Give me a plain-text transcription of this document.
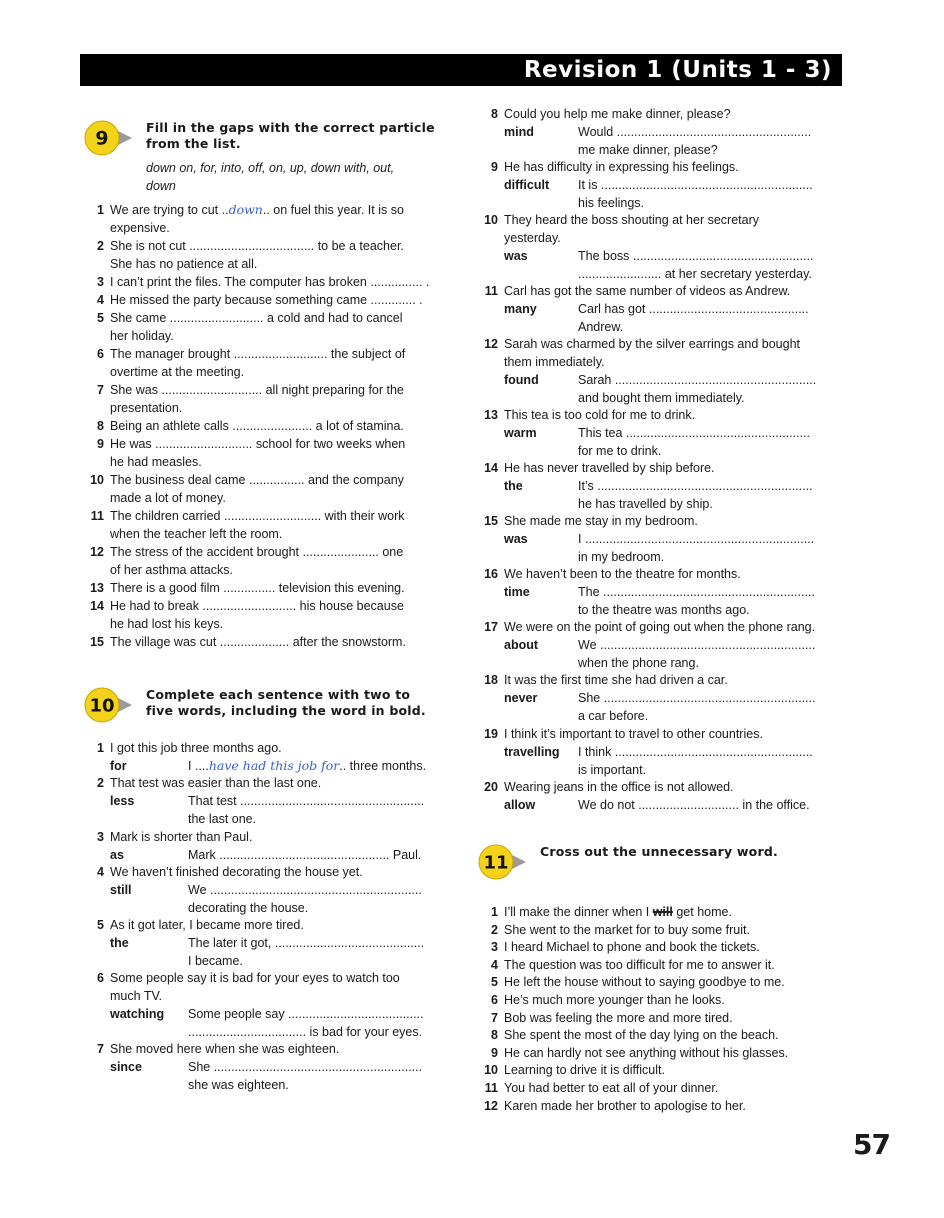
Revision 1 (Units 1 - 3)
9	Fill in the gaps with the correct particle
from the list.
down on, for, into, off, on, up, down with, out,
down
1 We are trying to cut ..down.. on fuel this year. It is so
expensive.
2 She is not cut .................................... to be a teacher.
She has no patience at all.
3 I can’t print the files. The computer has broken ............... .
4 He missed the party because something came ............. .
5 She came ........................... a cold and had to cancel
her holiday.
6 The manager brought ........................... the subject of
overtime at the meeting.
7 She was ............................. all night preparing for the
presentation.
8 Being an athlete calls ....................... a lot of stamina.
9 He was ............................ school for two weeks when
he had measles.
10 The business deal came ................ and the company
made a lot of money.
11 The children carried ............................ with their work
when the teacher left the room.
12 The stress of the accident brought ...................... one
of her asthma attacks.
13 There is a good film ............... television this evening.
14 He had to break ........................... his house because
he had lost his keys.
15 The village was cut .................... after the snowstorm.
10
Complete each sentence with two to
five words, including the word in bold.
1 I got this job three months ago.
for	I ....have had this job for.. three months.
2 That test was easier than the last one.
less	That test .....................................................
the last one.
3 Mark is shorter than Paul.
as	Mark ................................................. Paul.
4 We haven’t finished decorating the house yet.
still	We .............................................................
decorating the house.
5 As it got later, I became more tired.
the	The later it got, ...........................................
I became.
6 Some people say it is bad for your eyes to watch too
much TV.
watching Some people say .......................................
.................................. is bad for your eyes.
7 She moved here when she was eighteen.
since	She ............................................................
she was eighteen.
8 Could you help me make dinner, please?
mind	Would ........................................................
me make dinner, please?
9 He has difficulty in expressing his feelings.
difficult It is .............................................................
his feelings.
10 They heard the boss shouting at her secretary
yesterday.
was	The boss ....................................................
........................ at her secretary yesterday.
11 Carl has got the same number of videos as Andrew.
many	Carl has got ..............................................
Andrew.
12 Sarah was charmed by the silver earrings and bought
them immediately.
found	Sarah ..........................................................
and bought them immediately.
13 This tea is too cold for me to drink.
warm	This tea .....................................................
for me to drink.
14 He has never travelled by ship before.
the	It’s ..............................................................
he has travelled by ship.
15 She made me stay in my bedroom.
was	I ..................................................................
in my bedroom.
16 We haven’t been to the theatre for months.
time	The .............................................................
to the theatre was months ago.
17 We were on the point of going out when the phone rang.
about	We ..............................................................
when the phone rang.
18 It was the first time she had driven a car.
never	She .............................................................
a car before.
19 I think it’s important to travel to other countries.
travelling I think .........................................................
is important.
20 Wearing jeans in the office is not allowed.
allow	We do not ............................. in the office.
11
Cross out the unnecessary word.
1 I’ll make the dinner when I will get home.
2 She went to the market for to buy some fruit.
3 I heard Michael to phone and book the tickets.
4 The question was too difficult for me to answer it.
5 He left the house without to saying goodbye to me.
6 He’s much more younger than he looks.
7 Bob was feeling the more and more tired.
8 She spent the most of the day lying on the beach.
9 He can hardly not see anything without his glasses.
10 Learning to drive it is difficult.
11 You had better to eat all of your dinner.
12 Karen made her brother to apologise to her.
57
